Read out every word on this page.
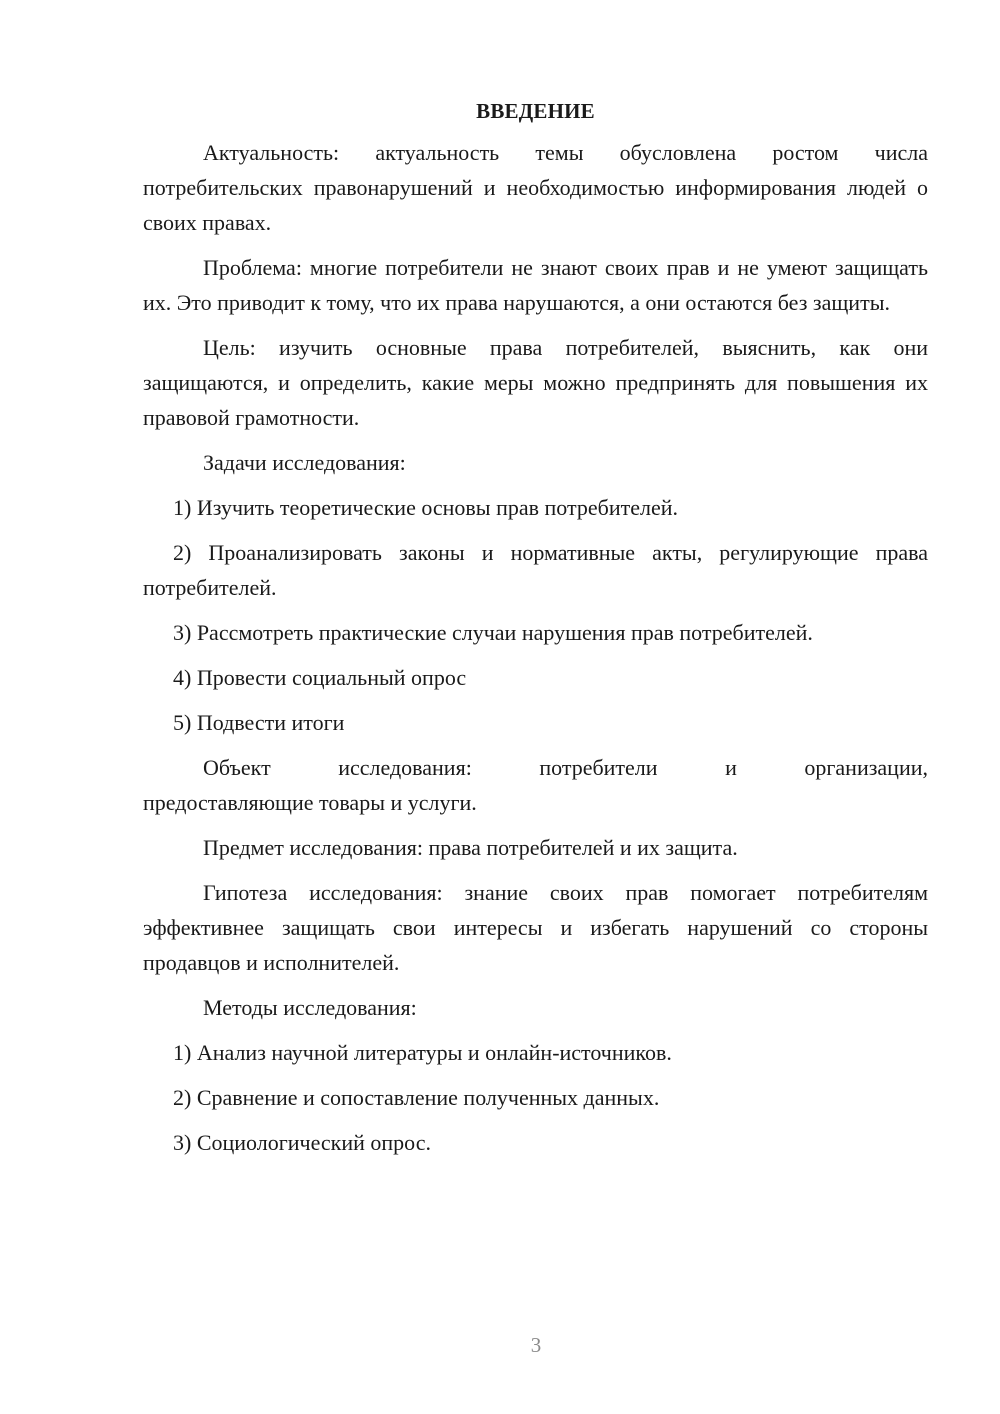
ВВЕДЕНИЕ

Актуальность: актуальность темы обусловлена ростом числа потребительских правонарушений и необходимостью информирования людей о своих правах.

Проблема: многие потребители не знают своих прав и не умеют защищать их. Это приводит к тому, что их права нарушаются, а они остаются без защиты.

Цель: изучить основные права потребителей, выяснить, как они защищаются, и определить, какие меры можно предпринять для повышения их правовой грамотности.

Задачи исследования:

1) Изучить теоретические основы прав потребителей.

2) Проанализировать законы и нормативные акты, регулирующие права потребителей.

3) Рассмотреть практические случаи нарушения прав потребителей.

4) Провести социальный опрос

5) Подвести итоги

Объект исследования: потребители и организации,

предоставляющие товары и услуги.

Предмет исследования: права потребителей и их защита.

Гипотеза исследования: знание своих прав помогает потребителям эффективнее защищать свои интересы и избегать нарушений со стороны продавцов и исполнителей.

Методы исследования:

1) Анализ научной литературы и онлайн-источников.

2) Сравнение и сопоставление полученных данных.

3) Социологический опрос.

3
